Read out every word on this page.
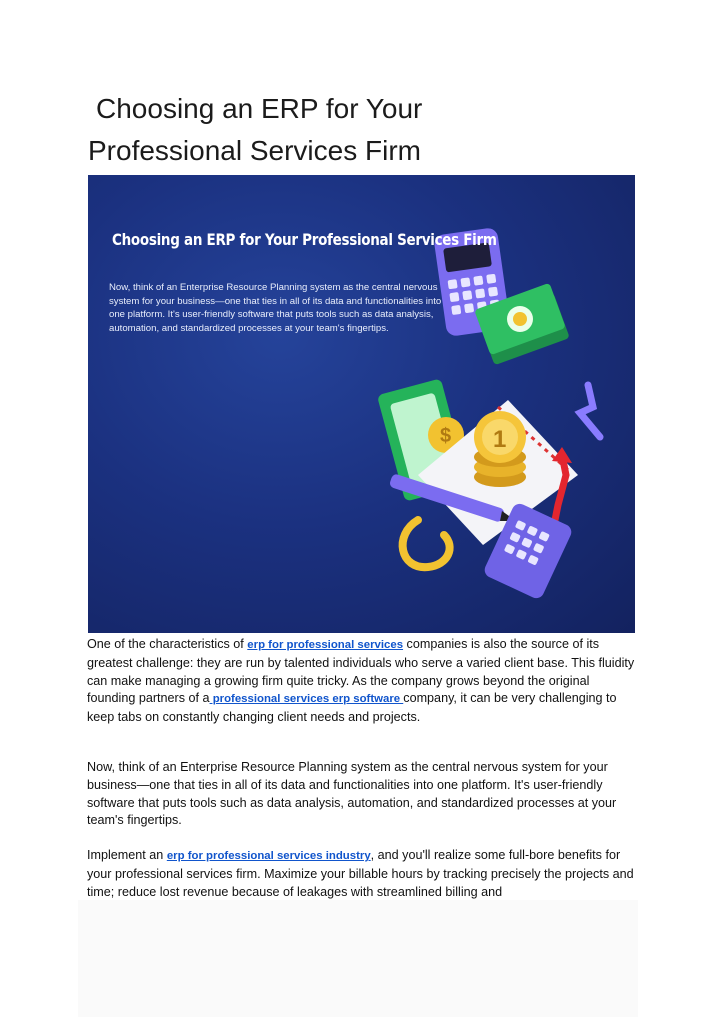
Choosing an ERP for Your
Professional Services Firm
$ 1
Choosing an ERP for Your Professional Services Firm
Now, think of an Enterprise Resource Planning system as the central nervous system for your business—one that ties in all of its data and functionalities into one platform. It's user-friendly software that puts tools such as data analysis, automation, and standardized processes at your team's fingertips.
One of the characteristics of erp for professional services companies is also the source of its greatest challenge: they are run by talented individuals who serve a varied client base. This fluidity can make managing a growing firm quite tricky. As the company grows beyond the original founding partners of a professional services erp software company, it can be very challenging to keep tabs on constantly changing client needs and projects.
Now, think of an Enterprise Resource Planning system as the central nervous system for your business—one that ties in all of its data and functionalities into one platform. It's user-friendly software that puts tools such as data analysis, automation, and standardized processes at your team's fingertips.
Implement an erp for professional services industry, and you'll realize some full-bore benefits for your professional services firm. Maximize your billable hours by tracking precisely the projects and time; reduce lost revenue because of leakages with streamlined billing and
